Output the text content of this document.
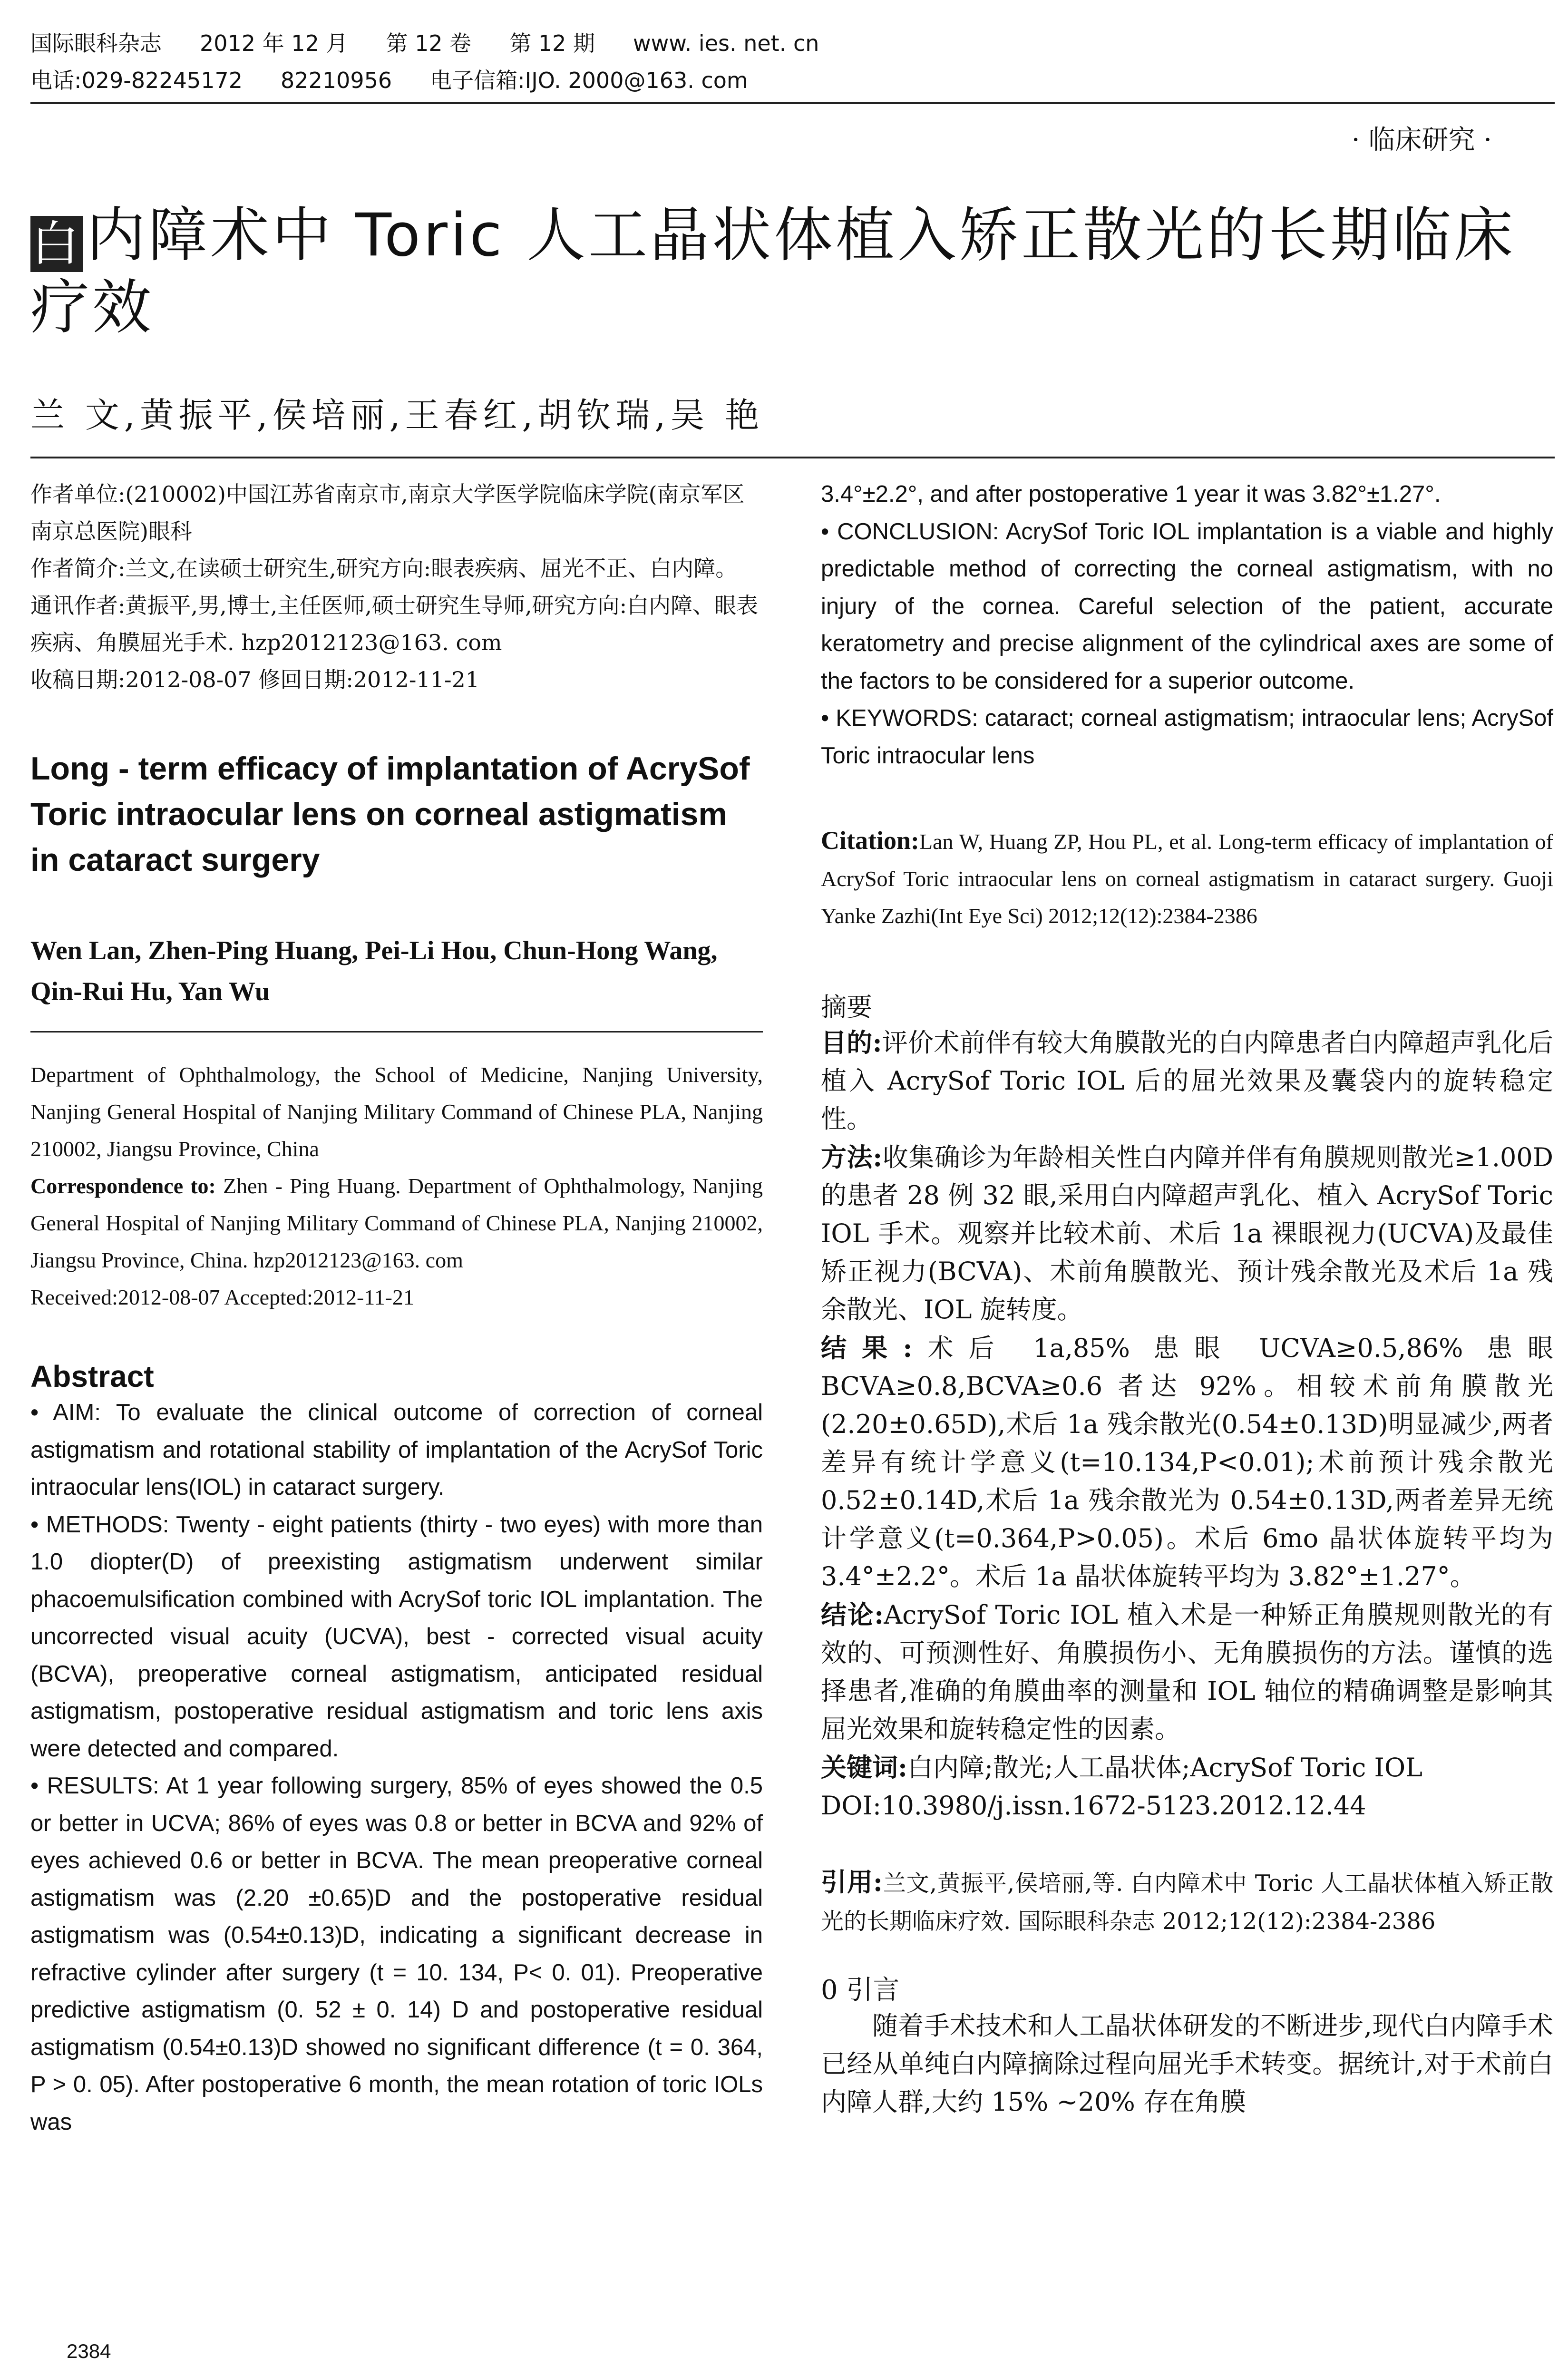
国际眼科杂志 2012 年 12 月 第 12 卷 第 12 期 www. ies. net. cn
电话:029-82245172 82210956 电子信箱:IJO. 2000@163. com
· 临床研究 ·
白内障术中 Toric 人工晶状体植入矫正散光的长期临床疗效
兰 文,黄振平,侯培丽,王春红,胡钦瑞,吴 艳
作者单位:(210002)中国江苏省南京市,南京大学医学院临床学院(南京军区南京总医院)眼科
作者简介:兰文,在读硕士研究生,研究方向:眼表疾病、屈光不正、白内障。
通讯作者:黄振平,男,博士,主任医师,硕士研究生导师,研究方向:白内障、眼表疾病、角膜屈光手术. hzp2012123@163. com
收稿日期:2012-08-07 修回日期:2012-11-21
Long - term efficacy of implantation of AcrySof Toric intraocular lens on corneal astigmatism in cataract surgery
Wen Lan, Zhen-Ping Huang, Pei-Li Hou, Chun-Hong Wang, Qin-Rui Hu, Yan Wu
Department of Ophthalmology, the School of Medicine, Nanjing University, Nanjing General Hospital of Nanjing Military Command of Chinese PLA, Nanjing 210002, Jiangsu Province, China
Correspondence to: Zhen - Ping Huang. Department of Ophthalmology, Nanjing General Hospital of Nanjing Military Command of Chinese PLA, Nanjing 210002, Jiangsu Province, China. hzp2012123@163. com
Received:2012-08-07 Accepted:2012-11-21
Abstract
• AIM: To evaluate the clinical outcome of correction of corneal astigmatism and rotational stability of implantation of the AcrySof Toric intraocular lens(IOL) in cataract surgery.
• METHODS: Twenty - eight patients (thirty - two eyes) with more than 1.0 diopter(D) of preexisting astigmatism underwent similar phacoemulsification combined with AcrySof toric IOL implantation. The uncorrected visual acuity (UCVA), best - corrected visual acuity (BCVA), preoperative corneal astigmatism, anticipated residual astigmatism, postoperative residual astigmatism and toric lens axis were detected and compared.
• RESULTS: At 1 year following surgery, 85% of eyes showed the 0.5 or better in UCVA; 86% of eyes was 0.8 or better in BCVA and 92% of eyes achieved 0.6 or better in BCVA. The mean preoperative corneal astigmatism was (2.20 ±0.65)D and the postoperative residual astigmatism was (0.54±0.13)D, indicating a significant decrease in refractive cylinder after surgery (t = 10. 134, P< 0. 01). Preoperative predictive astigmatism (0. 52 ± 0. 14) D and postoperative residual astigmatism (0.54±0.13)D showed no significant difference (t = 0. 364, P > 0. 05). After postoperative 6 month, the mean rotation of toric IOLs was
3.4°±2.2°, and after postoperative 1 year it was 3.82°±1.27°.
• CONCLUSION: AcrySof Toric IOL implantation is a viable and highly predictable method of correcting the corneal astigmatism, with no injury of the cornea. Careful selection of the patient, accurate keratometry and precise alignment of the cylindrical axes are some of the factors to be considered for a superior outcome.
• KEYWORDS: cataract; corneal astigmatism; intraocular lens; AcrySof Toric intraocular lens
Citation:Lan W, Huang ZP, Hou PL, et al. Long-term efficacy of implantation of AcrySof Toric intraocular lens on corneal astigmatism in cataract surgery. Guoji Yanke Zazhi(Int Eye Sci) 2012;12(12):2384-2386
摘要
目的:评价术前伴有较大角膜散光的白内障患者白内障超声乳化后植入 AcrySof Toric IOL 后的屈光效果及囊袋内的旋转稳定性。
方法:收集确诊为年龄相关性白内障并伴有角膜规则散光≥1.00D 的患者 28 例 32 眼,采用白内障超声乳化、植入 AcrySof Toric IOL 手术。观察并比较术前、术后 1a 裸眼视力(UCVA)及最佳矫正视力(BCVA)、术前角膜散光、预计残余散光及术后 1a 残余散光、IOL 旋转度。
结果:术后 1a,85% 患眼 UCVA≥0.5,86% 患眼 BCVA≥0.8,BCVA≥0.6 者达 92%。相较术前角膜散光(2.20±0.65D),术后 1a 残余散光(0.54±0.13D)明显减少,两者差异有统计学意义(t=10.134,P<0.01);术前预计残余散光 0.52±0.14D,术后 1a 残余散光为 0.54±0.13D,两者差异无统计学意义(t=0.364,P>0.05)。术后 6mo 晶状体旋转平均为 3.4°±2.2°。术后 1a 晶状体旋转平均为 3.82°±1.27°。
结论:AcrySof Toric IOL 植入术是一种矫正角膜规则散光的有效的、可预测性好、角膜损伤小、无角膜损伤的方法。谨慎的选择患者,准确的角膜曲率的测量和 IOL 轴位的精确调整是影响其屈光效果和旋转稳定性的因素。
关键词:白内障;散光;人工晶状体;AcrySof Toric IOL
DOI:10.3980/j.issn.1672-5123.2012.12.44
引用:兰文,黄振平,侯培丽,等. 白内障术中 Toric 人工晶状体植入矫正散光的长期临床疗效. 国际眼科杂志 2012;12(12):2384-2386
0 引言
随着手术技术和人工晶状体研发的不断进步,现代白内障手术已经从单纯白内障摘除过程向屈光手术转变。据统计,对于术前白内障人群,大约 15% ~20% 存在角膜
2384
